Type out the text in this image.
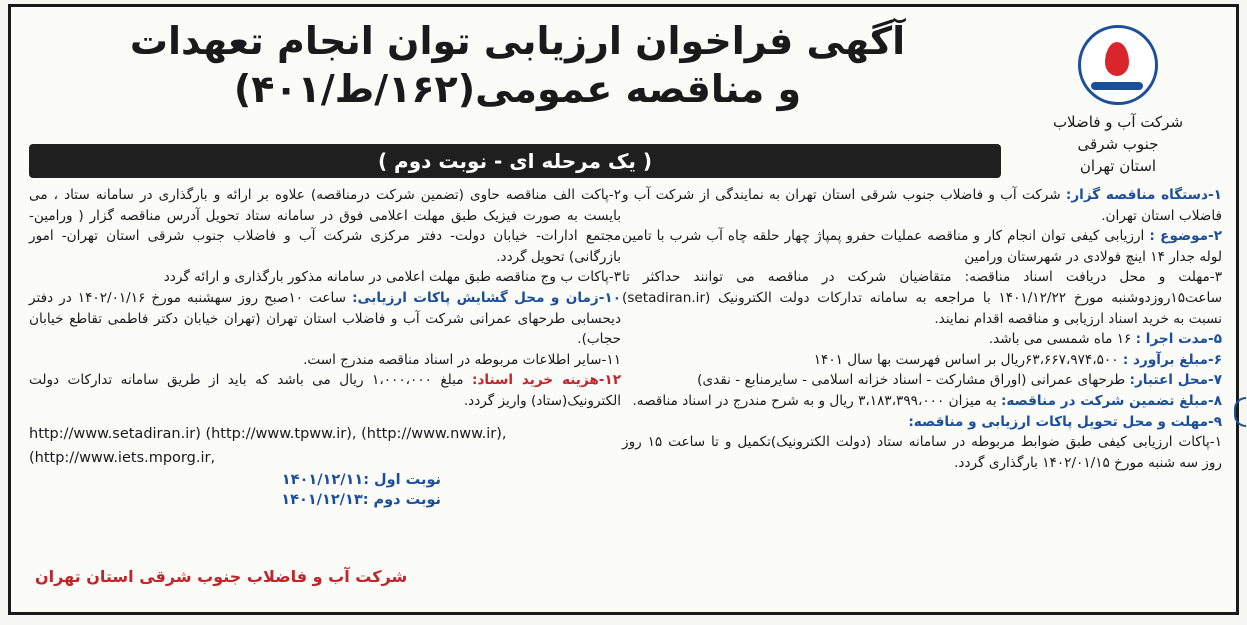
شرکت آب و فاضلاب
جنوب شرقی
استان تهران
آگهی فراخوان ارزیابی توان انجام تعهدات
و مناقصه عمومی(۱۶۲/ط/۴۰۱)
( یک مرحله ای - نوبت دوم )

۱-دستگاه مناقصه گزار: شرکت آب و فاضلاب جنوب شرقی استان تهران به نمایندگی از شرکت آب و فاضلاب استان تهران.

۲-موضوع : ارزیابی کیفی توان انجام کار و مناقصه عملیات حفرو پمپاژ چهار حلقه چاه آب شرب با تامین لوله جدار ۱۴ اینچ فولادی در شهرستان ورامین

۳-مهلت و محل دریافت اسناد مناقصه: متقاضیان شرکت در مناقصه می توانند حداکثر تا ساعت۱۵روزدوشنبه مورخ ۱۴۰۱/۱۲/۲۲ با مراجعه به سامانه تدارکات دولت الکترونیک (setadiran.ir) نسبت به خرید اسناد ارزیابی و مناقصه اقدام نمایند.

۵-مدت اجرا : ۱۶ ماه شمسی می باشد.

۶-مبلغ برآورد : ۶۳،۶۶۷،۹۷۴،۵۰۰ریال بر اساس فهرست بها سال ۱۴۰۱

۷-محل اعتبار: طرحهای عمرانی (اوراق مشارکت - اسناد خزانه اسلامی - سایرمنابع - نقدی)

۸-مبلغ تضمین شرکت در مناقصه: به میزان ۳،۱۸۳،۳۹۹،۰۰۰ ریال و به شرح مندرج در اسناد مناقصه.

۹-مهلت و محل تحویل پاکات ارزیابی و مناقصه:

۱-پاکات ارزیابی کیفی طبق ضوابط مربوطه در سامانه ستاد (دولت الکترونیک)تکمیل و تا ساعت ۱۵ روز روز سه شنبه مورخ ۱۴۰۲/۰۱/۱۵ بارگذاری گردد.

۲-پاکت الف مناقصه حاوی (تضمین شرکت درمناقصه) علاوه بر ارائه و بارگذاری در سامانه ستاد ، می بایست به صورت فیزیک طبق مهلت اعلامی فوق در سامانه ستاد تحویل آدرس مناقصه گزار ( ورامین- مجتمع ادارات- خیابان دولت- دفتر مرکزی شرکت آب و فاضلاب جنوب شرقی استان تهران- امور بازرگانی) تحویل گردد.

۳-پاکات ب وج مناقصه طبق مهلت اعلامی در سامانه مذکور بارگذاری و ارائه گردد

۱۰-زمان و محل گشایش پاکات ارزیابی: ساعت ۱۰صبح روز سهشنبه مورخ ۱۴۰۲/۰۱/۱۶ در دفتر دیحسابی طرحهای عمرانی شرکت آب و فاضلاب استان تهران (تهران خیابان دکتر فاطمی تقاطع خیابان حجاب).

۱۱-سایر اطلاعات مربوطه در اسناد مناقصه مندرج است.

۱۲-هزینه خرید اسناد: مبلغ ۱،۰۰۰،۰۰۰ ریال می باشد که باید از طریق سامانه تدارکات دولت الکترونیک(ستاد) واریز گردد.

http://www.setadiran.ir) (http://www.tpww.ir), (http://www.nww.ir),
(http://www.iets.mporg.ir,

نوبت اول :۱۴۰۱/۱۲/۱۱

نوبت دوم :۱۴۰۱/۱۲/۱۳

شرکت آب و فاضلاب جنوب شرقی استان تهران
